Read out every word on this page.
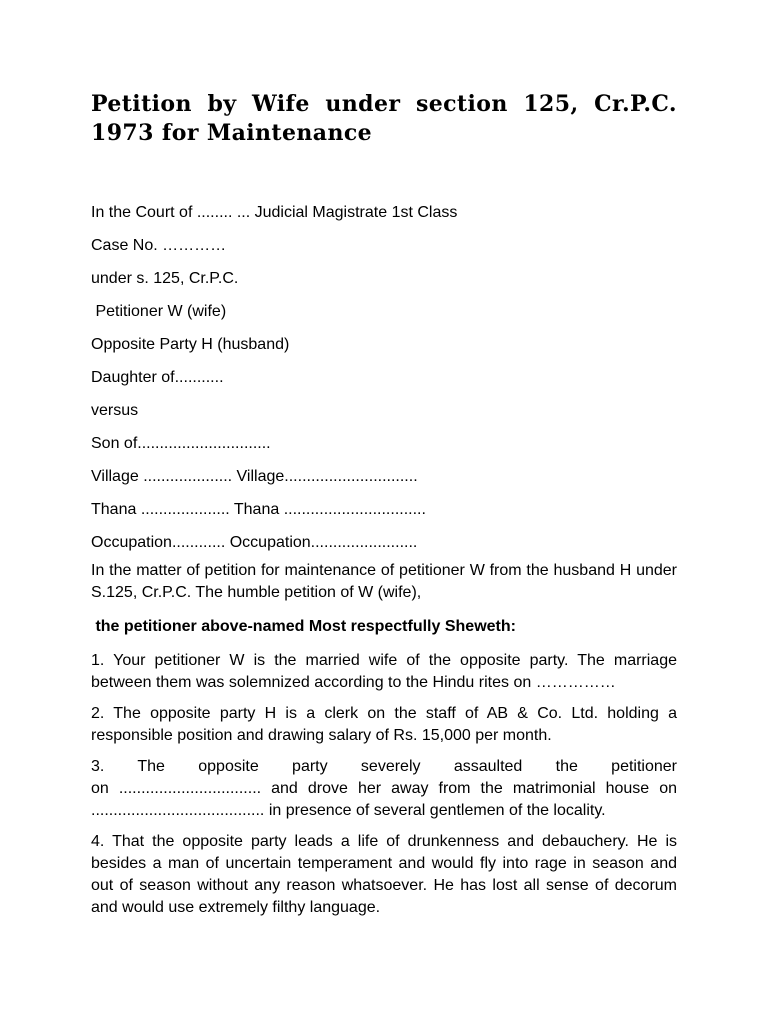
Petition by Wife under section 125, Cr.P.C. 1973 for Maintenance

In the Court of ........ ... Judicial Magistrate 1st Class

Case No. …………

under s. 125, Cr.P.C.

Petitioner W (wife)

Opposite Party H (husband)

Daughter of...........

versus

Son of..............................

Village .................... Village..............................

Thana .................... Thana ................................

Occupation............ Occupation........................

In the matter of petition for maintenance of petitioner W from the husband H under S.125, Cr.P.C. The humble petition of W (wife),

the petitioner above-named Most respectfully Sheweth:

1. Your petitioner W is the married wife of the opposite party. The marriage between them was solemnized according to the Hindu rites on ……………

2. The opposite party H is a clerk on the staff of AB & Co. Ltd. holding a responsible position and drawing salary of Rs. 15,000 per month.

3. The opposite party severely assaulted the petitioner
on ................................ and drove her away from the matrimonial house on ....................................... in presence of several gentlemen of the locality.

4. That the opposite party leads a life of drunkenness and debauchery. He is besides a man of uncertain temperament and would fly into rage in season and out of season without any reason whatsoever. He has lost all sense of decorum and would use extremely filthy language.
